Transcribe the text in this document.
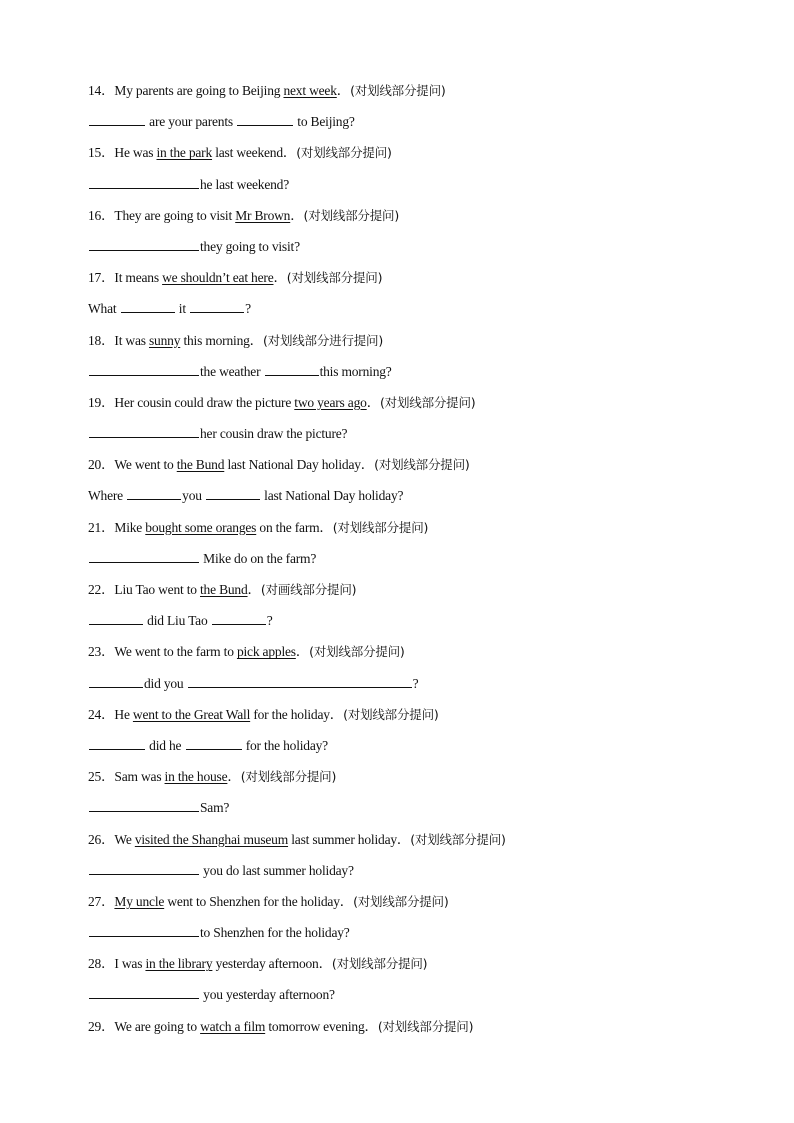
14．My parents are going to Beijing next week．(对划线部分提问)
are your parents	to Beijing?
15．He was in the park last weekend．(对划线部分提问)
he last weekend?
16．They are going to visit Mr Brown．(对划线部分提问)
they going to visit?
17．It means we shouldn’t eat here．(对划线部分提问)
What	it	?
18．It was sunny this morning．(对划线部分进行提问)
the weather	this morning?
19．Her cousin could draw the picture two years ago．(对划线部分提问)
her cousin draw the picture?
20．We went to the Bund last National Day holiday．(对划线部分提问)
Where	you	last National Day holiday?
21．Mike bought some oranges on the farm．(对划线部分提问)
Mike do on the farm?
22．Liu Tao went to the Bund．(对画线部分提问)
did Liu Tao	?
23．We went to the farm to pick apples．(对划线部分提问)
did you	?
24．He went to the Great Wall for the holiday．(对划线部分提问)
did he	for the holiday?
25．Sam was in the house．(对划线部分提问)
Sam?
26．We visited the Shanghai museum last summer holiday．(对划线部分提问)
you do last summer holiday?
27．My uncle went to Shenzhen for the holiday．(对划线部分提问)
to Shenzhen for the holiday?
28．I was in the library yesterday afternoon．(对划线部分提问)
you yesterday afternoon?
29．We are going to watch a film tomorrow evening．(对划线部分提问)
